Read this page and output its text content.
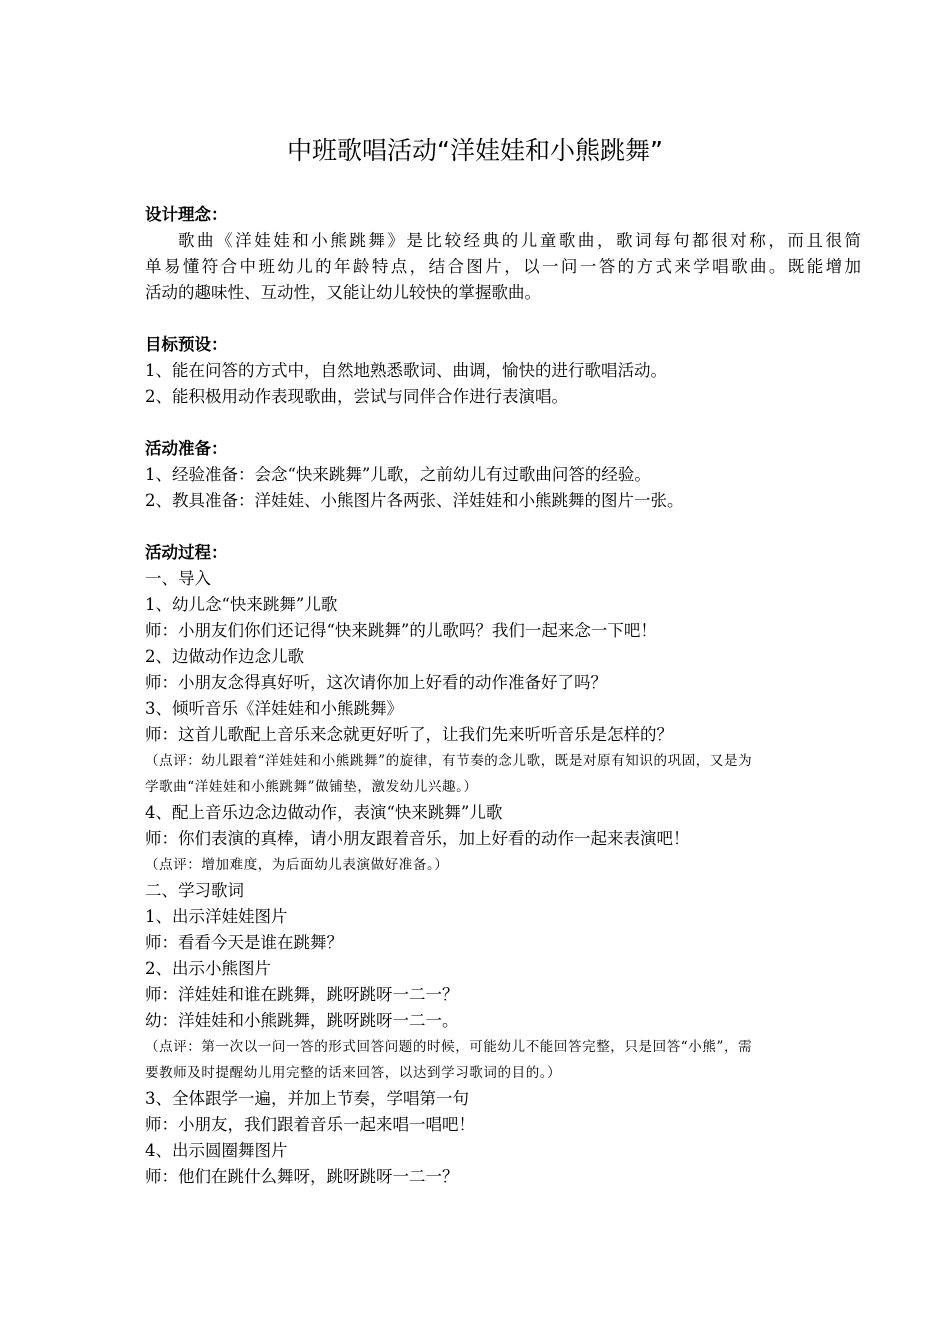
中班歌唱活动“洋娃娃和小熊跳舞”
设计理念：
歌曲《洋娃娃和小熊跳舞》是比较经典的儿童歌曲，歌词每句都很对称，而且很简
单易懂符合中班幼儿的年龄特点，结合图片，以一问一答的方式来学唱歌曲。既能增加
活动的趣味性、互动性，又能让幼儿较快的掌握歌曲。
目标预设：
1、能在问答的方式中，自然地熟悉歌词、曲调，愉快的进行歌唱活动。
2、能积极用动作表现歌曲，尝试与同伴合作进行表演唱。
活动准备：
1、经验准备：会念“快来跳舞”儿歌，之前幼儿有过歌曲问答的经验。
2、教具准备：洋娃娃、小熊图片各两张、洋娃娃和小熊跳舞的图片一张。
活动过程：
一、导入
1、幼儿念“快来跳舞”儿歌
师：小朋友们你们还记得“快来跳舞”的儿歌吗？我们一起来念一下吧！
2、边做动作边念儿歌
师：小朋友念得真好听，这次请你加上好看的动作准备好了吗？
3、倾听音乐《洋娃娃和小熊跳舞》
师：这首儿歌配上音乐来念就更好听了，让我们先来听听音乐是怎样的？
（点评：幼儿跟着“洋娃娃和小熊跳舞”的旋律，有节奏的念儿歌，既是对原有知识的巩固，又是为
学歌曲“洋娃娃和小熊跳舞”做铺垫，激发幼儿兴趣。）
4、配上音乐边念边做动作，表演“快来跳舞”儿歌
师：你们表演的真棒，请小朋友跟着音乐，加上好看的动作一起来表演吧！
（点评：增加难度，为后面幼儿表演做好准备。）
二、学习歌词
1、出示洋娃娃图片
师：看看今天是谁在跳舞？
2、出示小熊图片
师：洋娃娃和谁在跳舞，跳呀跳呀一二一？
幼：洋娃娃和小熊跳舞，跳呀跳呀一二一。
（点评：第一次以一问一答的形式回答问题的时候，可能幼儿不能回答完整，只是回答“小熊”，需
要教师及时提醒幼儿用完整的话来回答，以达到学习歌词的目的。）
3、全体跟学一遍，并加上节奏，学唱第一句
师：小朋友，我们跟着音乐一起来唱一唱吧！
4、出示圆圈舞图片
师：他们在跳什么舞呀，跳呀跳呀一二一？
